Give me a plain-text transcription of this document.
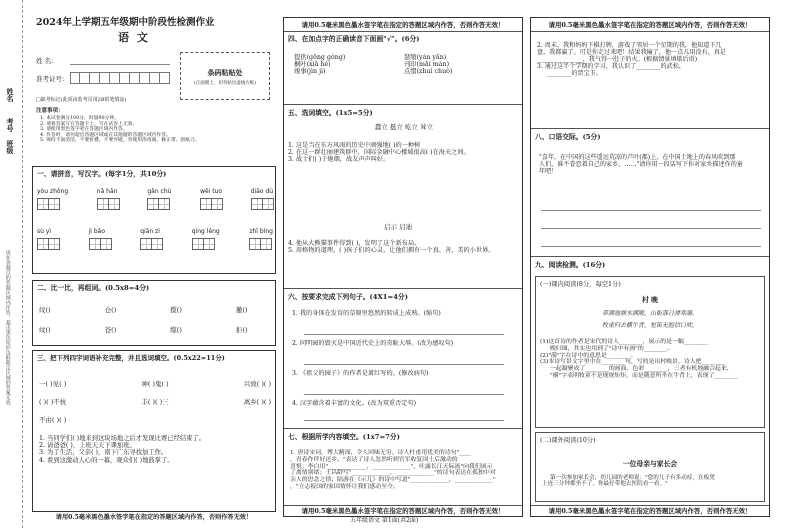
姓名
考号
班级
请在各题目的答题区域内作答，超出黑色矩形边框限定区域的答案无效
2024年上学期五年级期中阶段性检测作业
语 文
姓 名：
准考证号：
条码粘贴处
(正面朝上，切勿贴出虚线方框)
□缺考标记(此项由监考员用2B铅笔填涂)
注意事项：
1. 本试卷满分100分，时量90分钟。
2. 请将答案写在答题卡上，写在试卷上无效。
3. 请使用黑色签字笔在答题区域内作答。
4. 作答时，请勿超出答题区域或在其他题的答题区域内作答。
5. 保持卡面清洁，不要折叠，不要弄破，勿使用涂改液、修正带、刮纸刀。
一、请拼音，写汉字。(每字1分，共10分)
yòu zhǒng	nǎ hān	gǎn chù	wēi tuo	diāo dù
sù yì	jì bǎo	qiān zì	qíng lěng	zhī bǐng
二、比一比，再组词。(0.5x8=4分)
纹()	仓()	揽()	撤()
纹()	苍()	缆()	拒()
三、把下列四字词语补充完整，并且选词填空。(0.5x22=11分)
一( )见( )	神( )鬼( )	兴致( )( )
( )( )不杭	丰( )( )三	离乡( )( )
不由( )( )
1. 当同学们( )地来到这块场地之后才发现比赛已经结束了。
2. 请爸爸( )，上班天天下课加班。
3. 为了生活，父亲( )，南下广东寻找加工作。
4. 看到这激动人心的一幕，观众们( )地鼓掌了。
请用0.5毫米黑色墨水签字笔在指定的答题区域内作答，否则作答无效！
请用0.5毫米黑色墨水签字笔在指定的答题区域内作答，否则作答无效！
四、在加点字的正确读音下面画"√"。(6分)
提供(gōng gòng)	瑟缩(yán yǎn)
桐叶(xiǎ hé)	刊印(mǎi mán)
竣事(jìn ji)	点缀(zhuì chuò)
五、选词填空。(1x5=5分)
蠢立 挺立 屹立 耸立
1. 这是当在东方风雨的历史中顽强地( )的一种树
2. 在这一群壮丽建筑群中，国际金融中心楼域很高( )在海天之间。
3. 战士们( )于炮烟，战友声声叫好。
启示 启迪
4. 他从大熊猫事件得到( )，发明了这个新布局。
5. 用格物的道理，( )孩子们的心灵，让他们拥有一个真、善、美的小世界。
六、按要求完成下列句子。(4X1=4分)
1. 我的身体在发育的草原里悠然的转成上成熟。(缩句)
2. 同明园的毁灭是中国近代史上的奇耻大辱。(改为感叹句)
3. 《祖父的园子》的作者是萧红写的。(修改病句)
4. 汉字蕴含着丰富的文化。(改为双重否定句)
七、根据所学内容填空。(1x7=7分)
1. 唐诗宋词，博大精深，令人回味无穷。诗人杜甫用优美的诗句"____
，青春作伴好还乡。"表达了诗人忽然听到官军收复国土后激动的
喜悦；李白用"_____________，_____________"，吐露长江天际流"向我们展示
了离情别绪；王昌龄写"_____________，_____________"的诗句表达在孤独中对
亲人的思念之情；陆游在《示儿》的诗中写道"_____________，_____________"
，"立志报国的家国情怀让我们感动至今。
请用0.5毫米黑色墨水签字笔在指定的答题区域内作答，否则作答无效！
五年级语文 第1面(共2面)
请用0.5毫米黑色墨水签字笔在指定的答题区域内作答，否则作答无效！
2. 周末，我和妈妈下棋打牌，游戏了邻居一个星期的我，他知道下几
盘，我都赢了。可是你走过来吧！结果我输了，他一点儿用没有，真是
_______________，我气得一肚子的火。(根据情景填歇后语)
3. 通过这半个学期的学习，我认识了________的武松，
________的贾宝玉。
八、口语交际。(5分)
"喜年，在中国的这些遥远荒凉的芦叶(都)上，在中国土地上的春风吹到那
人们，谁不眷恋着自己的家乡，……"请你用一段话写下你对家乡描述作的童
年吧！
九、阅读检测。(16分)
(一)课内阅读(8分，每空1分)
村 晚
草满池塘水满陂，山衔落日浸寒漪。
牧童归去横牛背，短笛无腔信口吹。
(1)这首诗的作者是宋代的诗人________，展示的是一幅________
晚归图，其实也用到了"诗中有画"的________。
(2)"漪"字在诗中的意思是________。
(3)本诗写景文字里中在________句，写的是出村晚景，诗人把________
一起凝聚成了________的画面，色彩________，三者有机地融合起来，
"横"字表明牧童不是规规矩矩，而是随意所坐在牛背上，表现了________
(二)课外阅读(10分)
一位母亲与家长会
第一次参加家长会，幼儿园的老师说："您的儿子有多动症，在板凳
上连三分钟都坐不了，你最好带他去医院看一看。"
请用0.5毫米黑色墨水签字笔在指定的答题区域内作答，否则作答无效！
